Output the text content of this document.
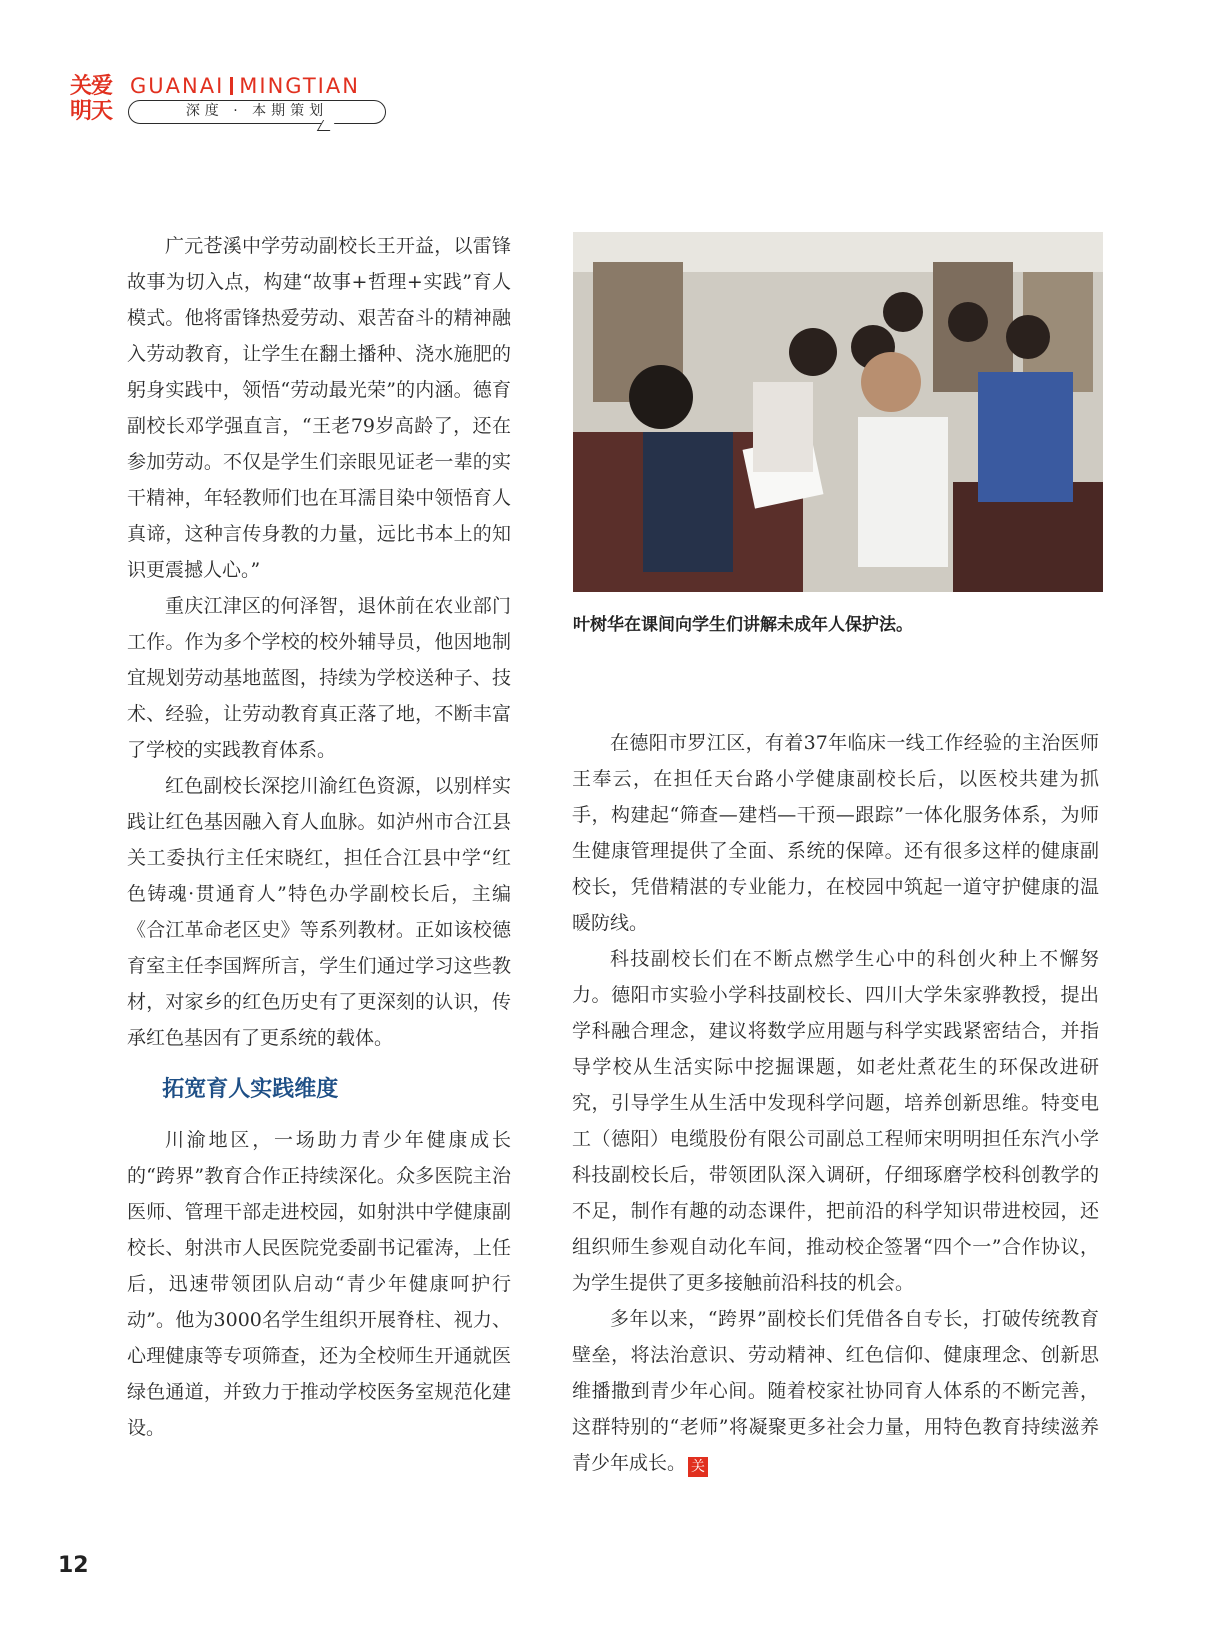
关爱
明天
GUANAI MINGTIAN
深度 · 本期策划

广元苍溪中学劳动副校长王开益，以雷锋故事为切入点，构建“故事+哲理+实践”育人模式。他将雷锋热爱劳动、艰苦奋斗的精神融入劳动教育，让学生在翻土播种、浇水施肥的躬身实践中，领悟“劳动最光荣”的内涵。德育副校长邓学强直言，“王老79岁高龄了，还在参加劳动。不仅是学生们亲眼见证老一辈的实干精神，年轻教师们也在耳濡目染中领悟育人真谛，这种言传身教的力量，远比书本上的知识更震撼人心。”

重庆江津区的何泽智，退休前在农业部门工作。作为多个学校的校外辅导员，他因地制宜规划劳动基地蓝图，持续为学校送种子、技术、经验，让劳动教育真正落了地，不断丰富了学校的实践教育体系。

红色副校长深挖川渝红色资源，以别样实践让红色基因融入育人血脉。如泸州市合江县关工委执行主任宋晓红，担任合江县中学“红色铸魂·贯通育人”特色办学副校长后，主编《合江革命老区史》等系列教材。正如该校德育室主任李国辉所言，学生们通过学习这些教材，对家乡的红色历史有了更深刻的认识，传承红色基因有了更系统的载体。

拓宽育人实践维度

川渝地区，一场助力青少年健康成长的“跨界”教育合作正持续深化。众多医院主治医师、管理干部走进校园，如射洪中学健康副校长、射洪市人民医院党委副书记霍涛，上任后，迅速带领团队启动“青少年健康呵护行动”。他为3000名学生组织开展脊柱、视力、心理健康等专项筛查，还为全校师生开通就医绿色通道，并致力于推动学校医务室规范化建设。

叶树华在课间向学生们讲解未成年人保护法。

在德阳市罗江区，有着37年临床一线工作经验的主治医师王奉云，在担任天台路小学健康副校长后，以医校共建为抓手，构建起“筛查—建档—干预—跟踪”一体化服务体系，为师生健康管理提供了全面、系统的保障。还有很多这样的健康副校长，凭借精湛的专业能力，在校园中筑起一道守护健康的温暖防线。

科技副校长们在不断点燃学生心中的科创火种上不懈努力。德阳市实验小学科技副校长、四川大学朱家骅教授，提出学科融合理念，建议将数学应用题与科学实践紧密结合，并指导学校从生活实际中挖掘课题，如老灶煮花生的环保改进研究，引导学生从生活中发现科学问题，培养创新思维。特变电工（德阳）电缆股份有限公司副总工程师宋明明担任东汽小学科技副校长后，带领团队深入调研，仔细琢磨学校科创教学的不足，制作有趣的动态课件，把前沿的科学知识带进校园，还组织师生参观自动化车间，推动校企签署“四个一”合作协议，为学生提供了更多接触前沿科技的机会。

多年以来，“跨界”副校长们凭借各自专长，打破传统教育壁垒，将法治意识、劳动精神、红色信仰、健康理念、创新思维播撒到青少年心间。随着校家社协同育人体系的不断完善，这群特别的“老师”将凝聚更多社会力量，用特色教育持续滋养青少年成长。 关

12
